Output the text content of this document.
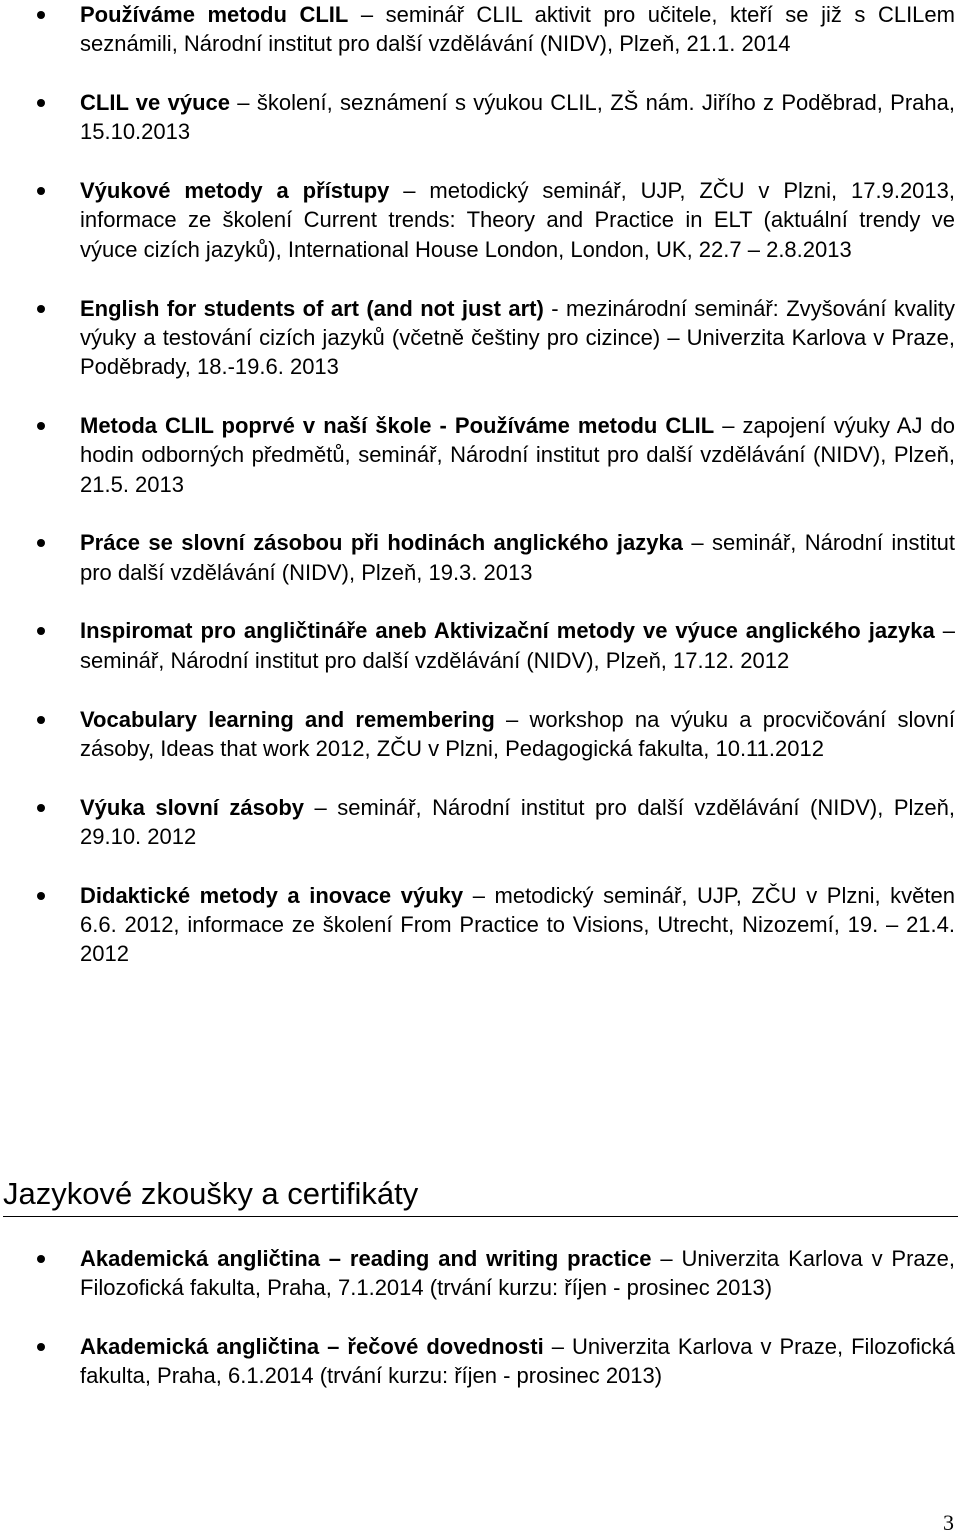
Používáme metodu CLIL – seminář CLIL aktivit pro učitele, kteří se již s CLILem seznámili, Národní institut pro další vzdělávání (NIDV), Plzeň, 21.1. 2014
CLIL ve výuce – školení, seznámení s výukou CLIL, ZŠ nám. Jiřího z Poděbrad, Praha, 15.10.2013
Výukové metody a přístupy – metodický seminář, UJP, ZČU v Plzni, 17.9.2013, informace ze školení Current trends: Theory and Practice in ELT (aktuální trendy ve výuce cizích jazyků), International House London, London, UK, 22.7 – 2.8.2013
English for students of art (and not just art) - mezinárodní seminář: Zvyšování kvality výuky a testování cizích jazyků (včetně češtiny pro cizince) – Univerzita Karlova v Praze, Poděbrady, 18.-19.6. 2013
Metoda CLIL poprvé v naší škole - Používáme metodu CLIL – zapojení výuky AJ do hodin odborných předmětů, seminář, Národní institut pro další vzdělávání (NIDV), Plzeň, 21.5. 2013
Práce se slovní zásobou při hodinách anglického jazyka – seminář, Národní institut pro další vzdělávání (NIDV), Plzeň, 19.3. 2013
Inspiromat pro angličtináře aneb Aktivizační metody ve výuce anglického jazyka – seminář, Národní institut pro další vzdělávání (NIDV), Plzeň, 17.12. 2012
Vocabulary learning and remembering – workshop na výuku a procvičování slovní zásoby, Ideas that work 2012, ZČU v Plzni, Pedagogická fakulta, 10.11.2012
Výuka slovní zásoby – seminář, Národní institut pro další vzdělávání (NIDV), Plzeň, 29.10. 2012
Didaktické metody a inovace výuky – metodický seminář, UJP, ZČU v Plzni, květen 6.6. 2012, informace ze školení From Practice to Visions, Utrecht, Nizozemí, 19. – 21.4. 2012
Jazykové zkoušky a certifikáty
Akademická angličtina – reading and writing practice – Univerzita Karlova v Praze, Filozofická fakulta, Praha, 7.1.2014 (trvání kurzu: říjen - prosinec 2013)
Akademická angličtina – řečové dovednosti – Univerzita Karlova v Praze, Filozofická fakulta, Praha, 6.1.2014 (trvání kurzu: říjen - prosinec 2013)
3
